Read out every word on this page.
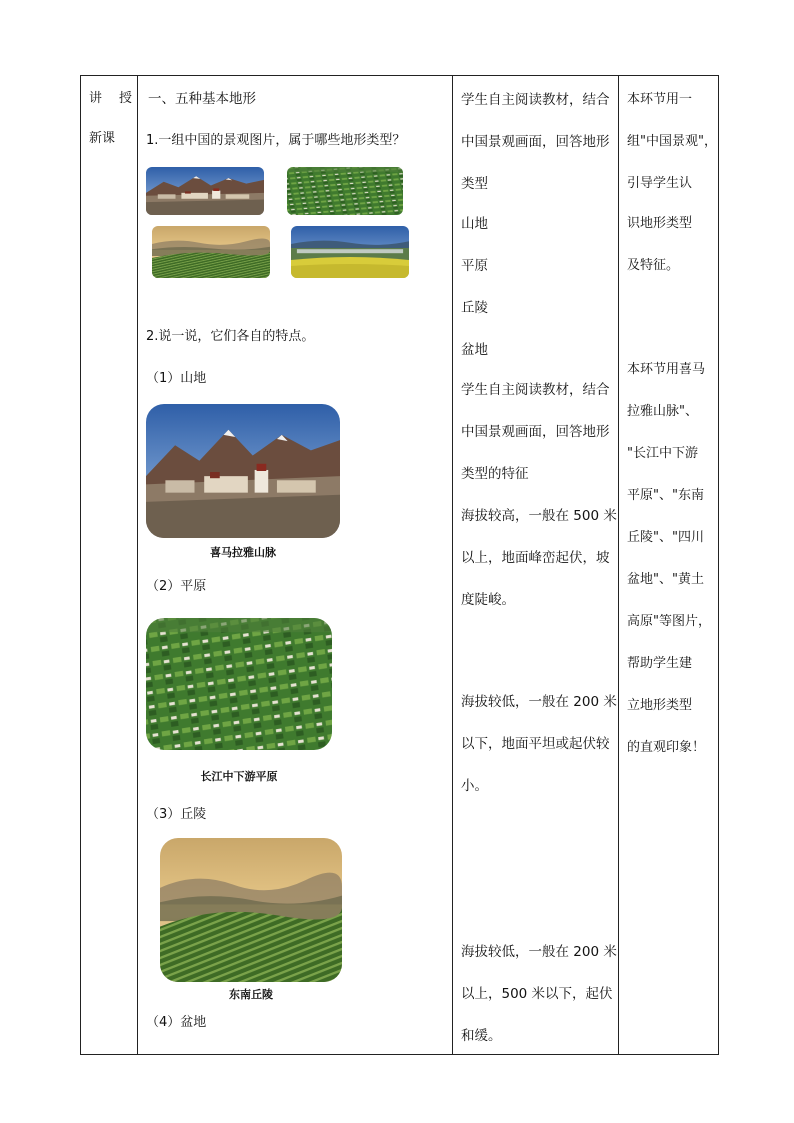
讲　授
新课

一、五种基本地形
1.一组中国的景观图片，属于哪些地形类型？
2.说一说，它们各自的特点。
（1）山地
喜马拉雅山脉
（2）平原
长江中下游平原
（3）丘陵
东南丘陵
（4）盆地

学生自主阅读教材，结合
中国景观画面，回答地形
类型
山地
平原
丘陵
盆地
学生自主阅读教材，结合
中国景观画面，回答地形
类型的特征
海拔较高，一般在 500 米
以上，地面峰峦起伏，坡
度陡峻。
海拔较低，一般在 200 米
以下，地面平坦或起伏较
小。
海拔较低，一般在 200 米
以上，500 米以下，起伏
和缓。

本环节用一
组"中国景观"，
引导学生认
识地形类型
及特征。
本环节用喜马
拉雅山脉"、
"长江中下游
平原"、"东南
丘陵"、"四川
盆地"、"黄土
高原"等图片，
帮助学生建
立地形类型
的直观印象！
